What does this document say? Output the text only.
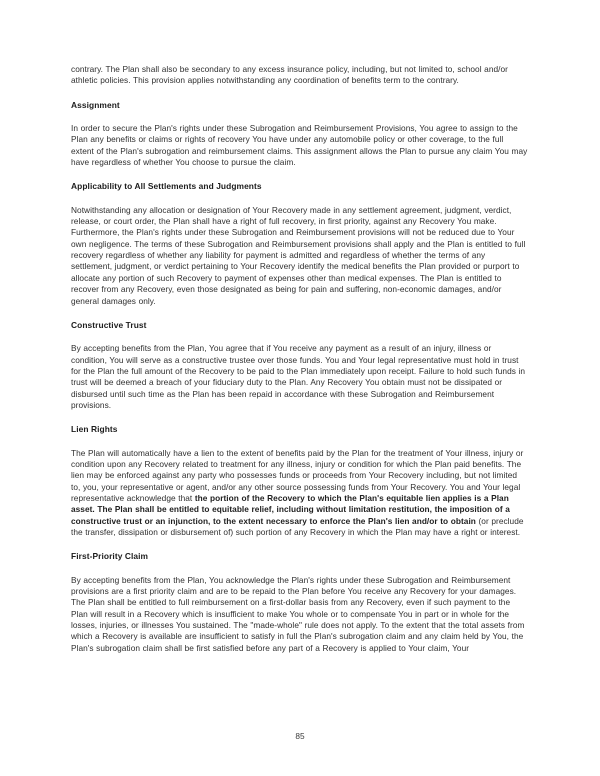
contrary. The Plan shall also be secondary to any excess insurance policy, including, but not limited to, school and/or athletic policies. This provision applies notwithstanding any coordination of benefits term to the contrary.

Assignment

In order to secure the Plan's rights under these Subrogation and Reimbursement Provisions, You agree to assign to the Plan any benefits or claims or rights of recovery You have under any automobile policy or other coverage, to the full extent of the Plan's subrogation and reimbursement claims. This assignment allows the Plan to pursue any claim You may have regardless of whether You choose to pursue the claim.

Applicability to All Settlements and Judgments

Notwithstanding any allocation or designation of Your Recovery made in any settlement agreement, judgment, verdict, release, or court order, the Plan shall have a right of full recovery, in first priority, against any Recovery You make. Furthermore, the Plan's rights under these Subrogation and Reimbursement provisions will not be reduced due to Your own negligence. The terms of these Subrogation and Reimbursement provisions shall apply and the Plan is entitled to full recovery regardless of whether any liability for payment is admitted and regardless of whether the terms of any settlement, judgment, or verdict pertaining to Your Recovery identify the medical benefits the Plan provided or purport to allocate any portion of such Recovery to payment of expenses other than medical expenses. The Plan is entitled to recover from any Recovery, even those designated as being for pain and suffering, non-economic damages, and/or general damages only.

Constructive Trust

By accepting benefits from the Plan, You agree that if You receive any payment as a result of an injury, illness or condition, You will serve as a constructive trustee over those funds. You and Your legal representative must hold in trust for the Plan the full amount of the Recovery to be paid to the Plan immediately upon receipt. Failure to hold such funds in trust will be deemed a breach of your fiduciary duty to the Plan. Any Recovery You obtain must not be dissipated or disbursed until such time as the Plan has been repaid in accordance with these Subrogation and Reimbursement provisions.

Lien Rights

The Plan will automatically have a lien to the extent of benefits paid by the Plan for the treatment of Your illness, injury or condition upon any Recovery related to treatment for any illness, injury or condition for which the Plan paid benefits. The lien may be enforced against any party who possesses funds or proceeds from Your Recovery including, but not limited to, you, your representative or agent, and/or any other source possessing funds from Your Recovery. You and Your legal representative acknowledge that the portion of the Recovery to which the Plan's equitable lien applies is a Plan asset. The Plan shall be entitled to equitable relief, including without limitation restitution, the imposition of a constructive trust or an injunction, to the extent necessary to enforce the Plan's lien and/or to obtain (or preclude the transfer, dissipation or disbursement of) such portion of any Recovery in which the Plan may have a right or interest.

First-Priority Claim

By accepting benefits from the Plan, You acknowledge the Plan's rights under these Subrogation and Reimbursement provisions are a first priority claim and are to be repaid to the Plan before You receive any Recovery for your damages. The Plan shall be entitled to full reimbursement on a first-dollar basis from any Recovery, even if such payment to the Plan will result in a Recovery which is insufficient to make You whole or to compensate You in part or in whole for the losses, injuries, or illnesses You sustained. The "made-whole" rule does not apply. To the extent that the total assets from which a Recovery is available are insufficient to satisfy in full the Plan's subrogation claim and any claim held by You, the Plan's subrogation claim shall be first satisfied before any part of a Recovery is applied to Your claim, Your

85
